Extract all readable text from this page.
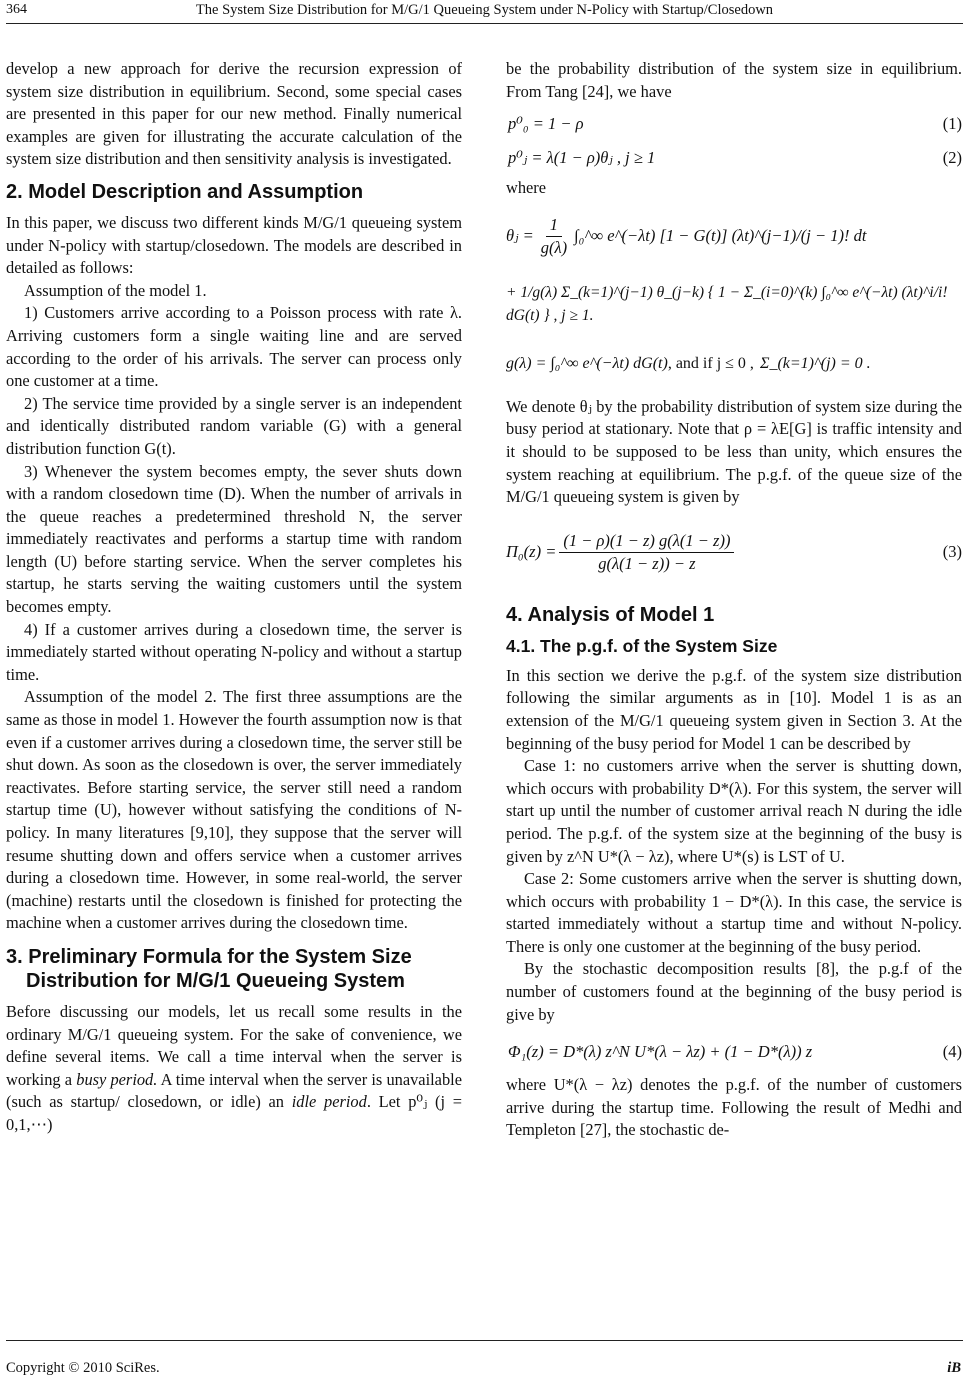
364	The System Size Distribution for M/G/1 Queueing System under N-Policy with Startup/Closedown

develop a new approach for derive the recursion expression of system size distribution in equilibrium. Second, some special cases are presented in this paper for our new method. Finally numerical examples are given for illustrating the accurate calculation of the system size distribution and then sensitivity analysis is investigated.

2. Model Description and Assumption

In this paper, we discuss two different kinds M/G/1 queueing system under N-policy with startup/closedown. The models are described in detailed as follows:

Assumption of the model 1.

1) Customers arrive according to a Poisson process with rate λ. Arriving customers form a single waiting line and are served according to the order of his arrivals. The server can process only one customer at a time.

2) The service time provided by a single server is an independent and identically distributed random variable (G) with a general distribution function G(t).

3) Whenever the system becomes empty, the sever shuts down with a random closedown time (D). When the number of arrivals in the queue reaches a predetermined threshold N, the server immediately reactivates and performs a startup time with random length (U) before starting service. When the server completes his startup, he starts serving the waiting customers until the system becomes empty.

4) If a customer arrives during a closedown time, the server is immediately started without operating N-policy and without a startup time.

Assumption of the model 2. The first three assumptions are the same as those in model 1. However the fourth assumption now is that even if a customer arrives during a closedown time, the server still be shut down. As soon as the closedown is over, the server immediately reactivates. Before starting service, the server still need a random startup time (U), however without satisfying the conditions of N-policy. In many literatures [9,10], they suppose that the server will resume shutting down and offers service when a customer arrives during a closedown time. However, in some real-world, the server (machine) restarts until the closedown is finished for protecting the machine when a customer arrives during the closedown time.

3. Preliminary Formula for the System Size
Distribution for M/G/1 Queueing System

Before discussing our models, let us recall some results in the ordinary M/G/1 queueing system. For the sake of convenience, we define several items. We call a time interval when the server is working a busy period. A time interval when the server is unavailable (such as startup/ closedown, or idle) an idle period. Let p⁰ⱼ (j = 0,1,⋯)

be the probability distribution of the system size in equilibrium. From Tang [24], we have

p⁰₀ = 1 − ρ	(1)
p⁰ⱼ = λ(1 − ρ)θⱼ , j ≥ 1	(2)

where

θⱼ = $\frac{1}{g(\lambda)}$ ∫₀^∞ e^(−λt) [1 − G(t)] (λt)^(j−1)/(j − 1)! dt
+ 1/g(λ) Σ_(k=1)^(j−1) θ_(j−k) { 1 − Σ_(i=0)^(k) ∫₀^∞ e^(−λt) (λt)^i/i! dG(t) } , j ≥ 1.
g(λ) = ∫₀^∞ e^(−λt) dG(t) , and if j ≤ 0 , Σ_(k=1)^(j) = 0 .

We denote θⱼ by the probability distribution of system size during the busy period at stationary. Note that ρ = λE[G] is traffic intensity and it should to be supposed to be less than unity, which ensures the system reaching at equilibrium. The p.g.f. of the queue size of the M/G/1 queueing system is given by

$\Pi_0(z) = \frac{(1 - \rho)(1 - z) g(\lambda(1 - z))}{g(\lambda(1 - z)) - z}$	(3)
4. Analysis of Model 1
4.1. The p.g.f. of the System Size

In this section we derive the p.g.f. of the system size distribution following the similar arguments as in [10]. Model 1 is as an extension of the M/G/1 queueing system given in Section 3. At the beginning of the busy period for Model 1 can be described by

Case 1: no customers arrive when the server is shutting down, which occurs with probability D*(λ). For this system, the server will start up until the number of customer arrival reach N during the idle period. The p.g.f. of the system size at the beginning of the busy is given by z^N U*(λ − λz), where U*(s) is LST of U.

Case 2: Some customers arrive when the server is shutting down, which occurs with probability 1 − D*(λ). In this case, the service is started immediately without a startup time and without N-policy. There is only one customer at the beginning of the busy period.

By the stochastic decomposition results [8], the p.g.f of the number of customers found at the beginning of the busy period is give by

Φ₁(z) = D*(λ) z^N U*(λ − λz) + (1 − D*(λ)) z	(4)

where U*(λ − λz) denotes the p.g.f. of the number of customers arrive during the startup time. Following the result of Medhi and Templeton [27], the stochastic de-

Copyright © 2010 SciRes.	iB
